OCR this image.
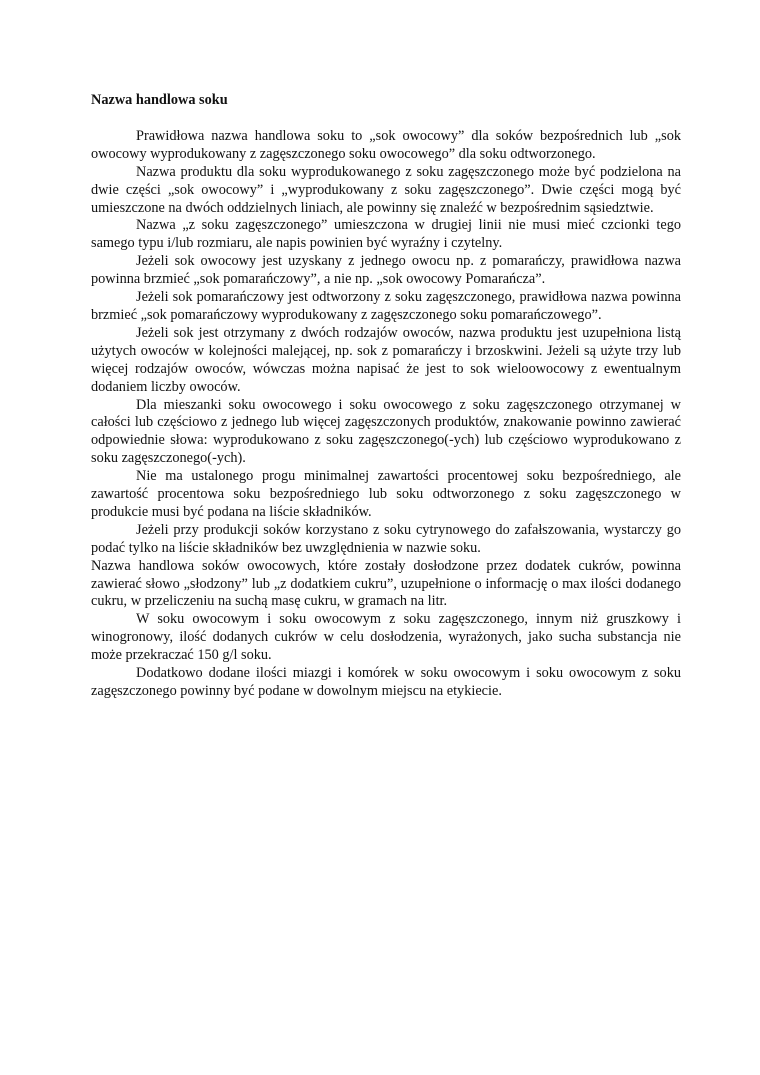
Nazwa handlowa soku

Prawidłowa nazwa handlowa soku to „sok owocowy” dla soków bezpośrednich lub „sok owocowy wyprodukowany z zagęszczonego soku owocowego” dla soku odtworzonego.

Nazwa produktu dla soku wyprodukowanego z soku zagęszczonego może być podzielona na dwie części „sok owocowy” i „wyprodukowany z soku zagęszczonego”. Dwie części mogą być umieszczone na dwóch oddzielnych liniach, ale powinny się znaleźć w bezpośrednim sąsiedztwie.

Nazwa „z soku zagęszczonego” umieszczona w drugiej linii nie musi mieć czcionki tego samego typu i/lub rozmiaru, ale napis powinien być wyraźny i czytelny.

Jeżeli sok owocowy jest uzyskany z jednego owocu np. z pomarańczy, prawidłowa nazwa powinna brzmieć „sok pomarańczowy”, a nie np. „sok owocowy Pomarańcza”.

Jeżeli sok pomarańczowy jest odtworzony z soku zagęszczonego, prawidłowa nazwa powinna brzmieć „sok pomarańczowy wyprodukowany z zagęszczonego soku pomarańczowego”.

Jeżeli sok jest otrzymany z dwóch rodzajów owoców, nazwa produktu jest uzupełniona listą użytych owoców w kolejności malejącej, np. sok z pomarańczy i brzoskwini. Jeżeli są użyte trzy lub więcej rodzajów owoców, wówczas można napisać że jest to sok wieloowocowy z ewentualnym dodaniem liczby owoców.

Dla mieszanki soku owocowego i soku owocowego z soku zagęszczonego otrzymanej w całości lub częściowo z jednego lub więcej zagęszczonych produktów, znakowanie powinno zawierać odpowiednie słowa: wyprodukowano z soku zagęszczonego(-ych) lub częściowo wyprodukowano z soku zagęszczonego(-ych).

Nie ma ustalonego progu minimalnej zawartości procentowej soku bezpośredniego, ale zawartość procentowa soku bezpośredniego lub soku odtworzonego z soku zagęszczonego w produkcie musi być podana na liście składników.

Jeżeli przy produkcji soków korzystano z soku cytrynowego do zafałszowania, wystarczy go podać tylko na liście składników bez uwzględnienia w nazwie soku.

Nazwa handlowa soków owocowych, które zostały dosłodzone przez dodatek cukrów, powinna zawierać słowo „słodzony” lub „z dodatkiem cukru”, uzupełnione o informację o max ilości dodanego cukru, w przeliczeniu na suchą masę cukru, w gramach na litr.

W soku owocowym i soku owocowym z soku zagęszczonego, innym niż gruszkowy i winogronowy, ilość dodanych cukrów w celu dosłodzenia, wyrażonych, jako sucha substancja nie może przekraczać 150 g/l soku.

Dodatkowo dodane ilości miazgi i komórek w soku owocowym i soku owocowym z soku zagęszczonego powinny być podane w dowolnym miejscu na etykiecie.
